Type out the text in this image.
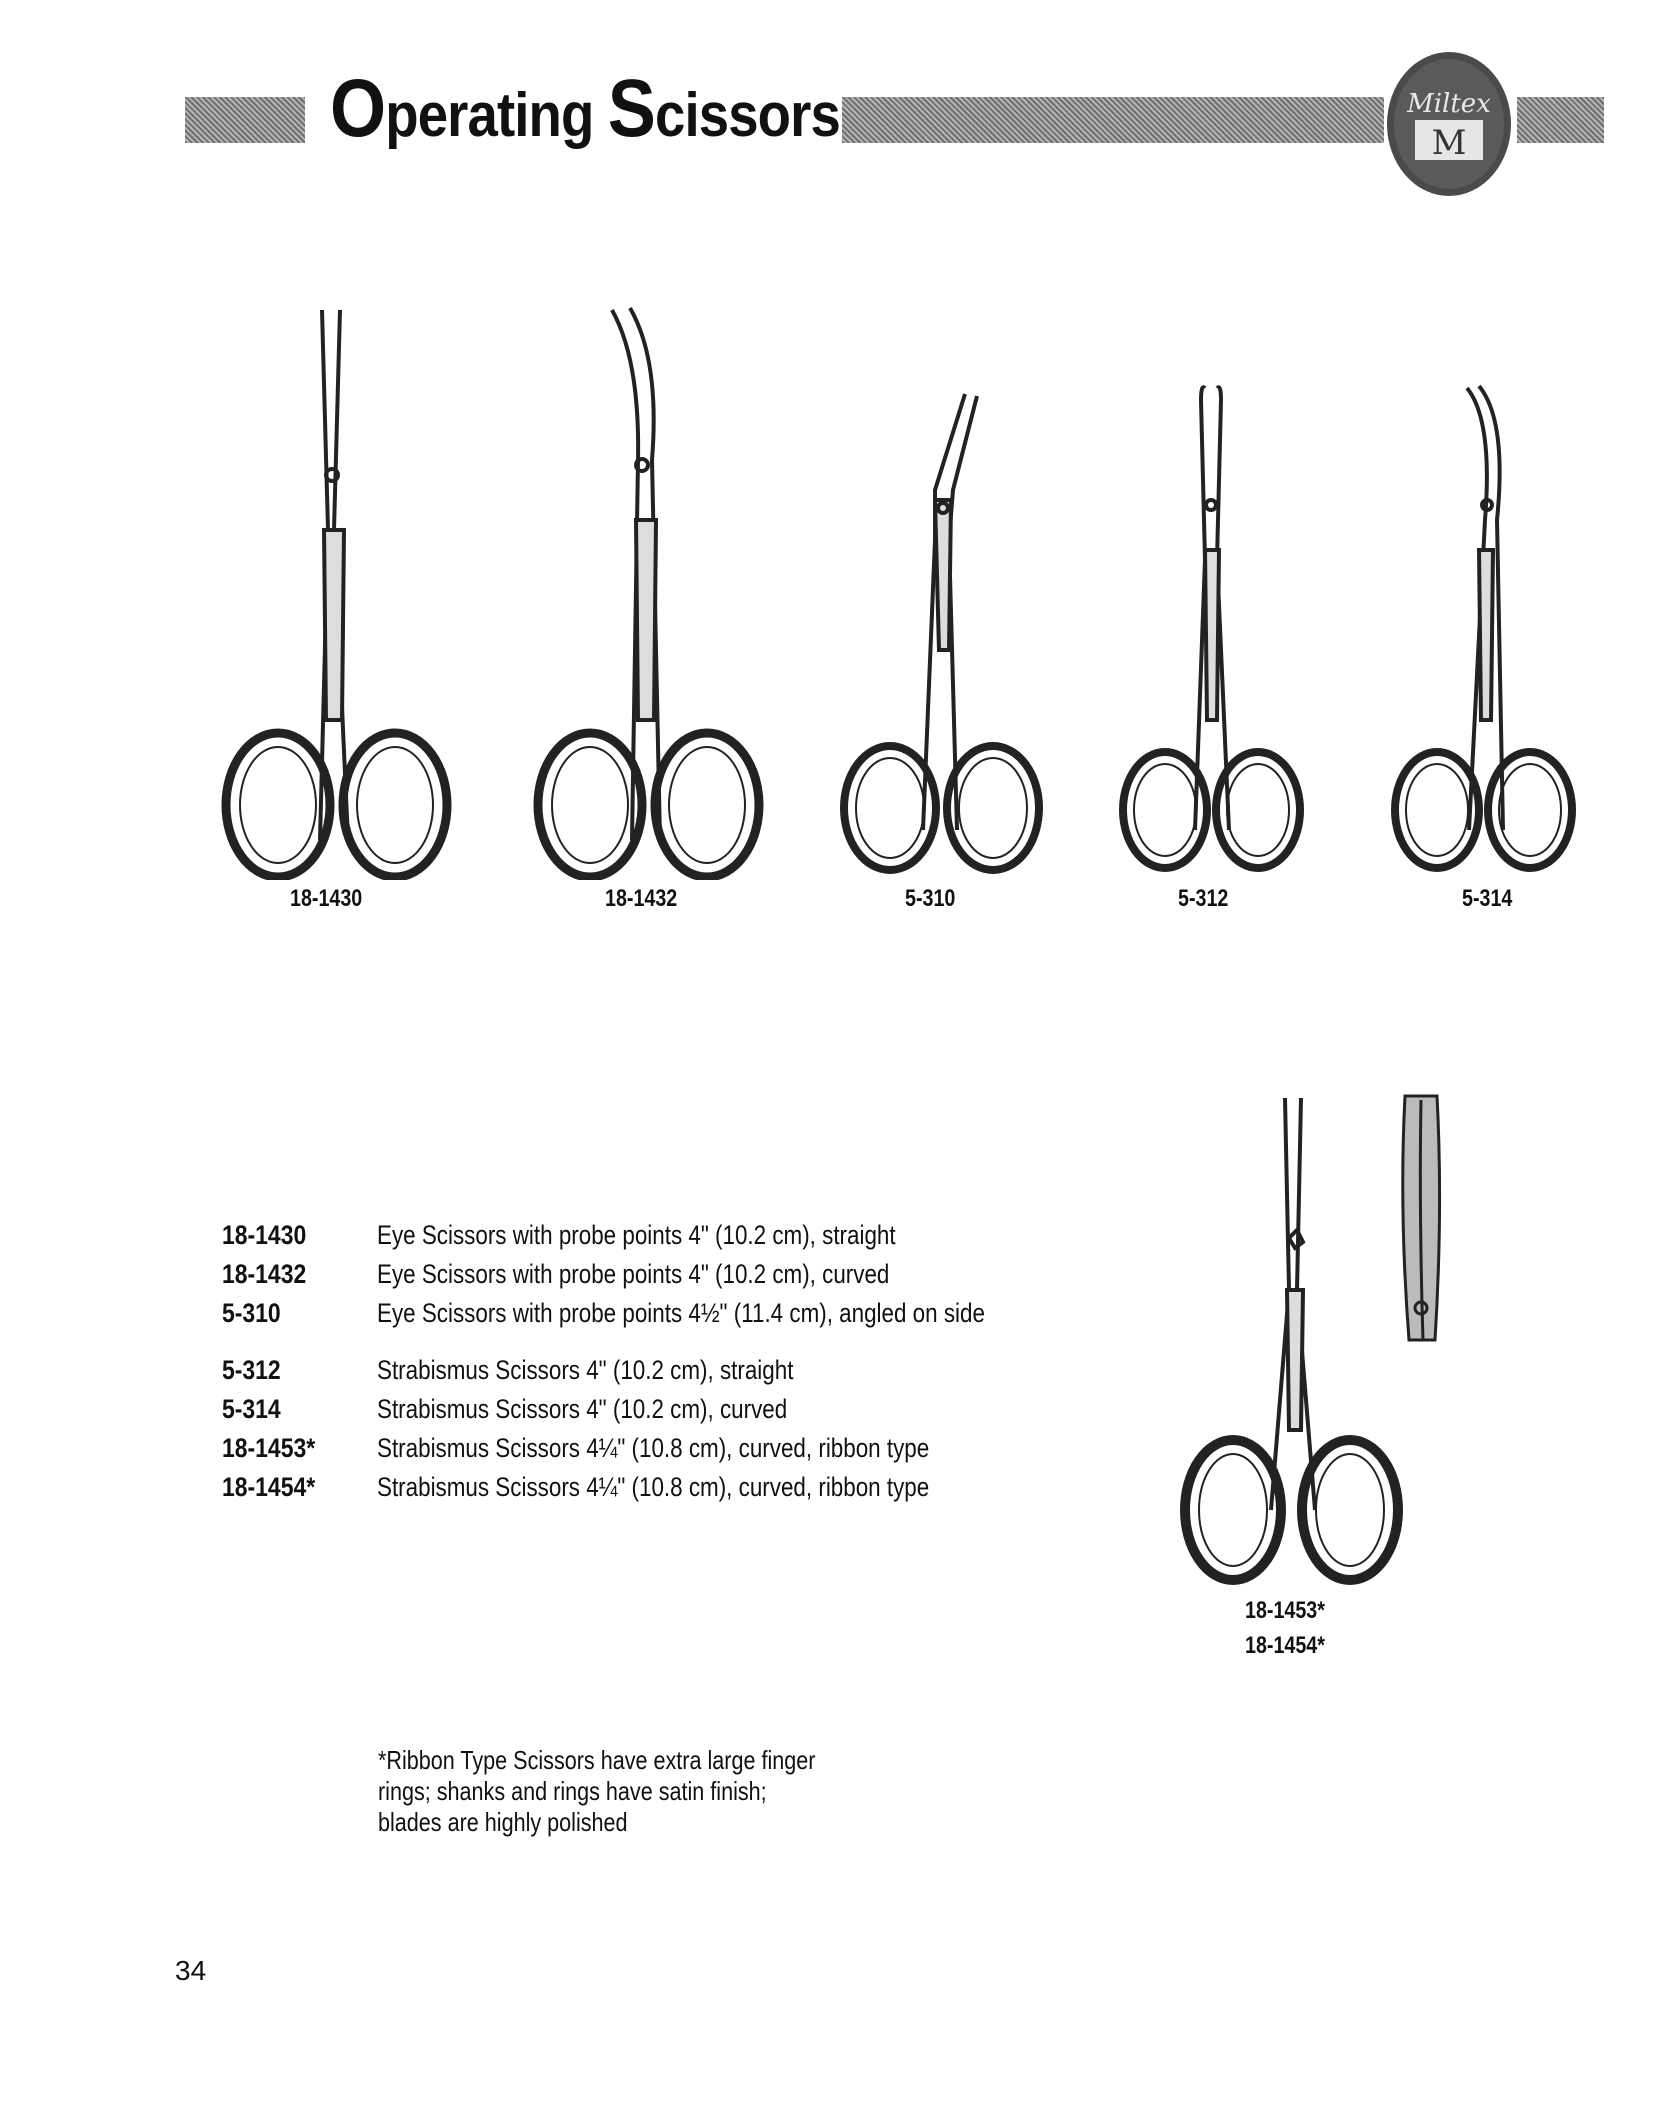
Operating Scissors	Miltex
M
18-1430	18-1432	5-310	5-312	5-314
18-1453*
18-1454*
18-1430	Eye Scissors with probe points 4" (10.2 cm), straight
18-1432	Eye Scissors with probe points 4" (10.2 cm), curved
5-310	Eye Scissors with probe points 4½" (11.4 cm), angled on side
5-312	Strabismus Scissors 4" (10.2 cm), straight
5-314	Strabismus Scissors 4" (10.2 cm), curved
18-1453* Strabismus Scissors 4¼" (10.8 cm), curved, ribbon type
18-1454* Strabismus Scissors 4¼" (10.8 cm), curved, ribbon type
*Ribbon Type Scissors have extra large finger
rings; shanks and rings have satin finish;
blades are highly polished
34
